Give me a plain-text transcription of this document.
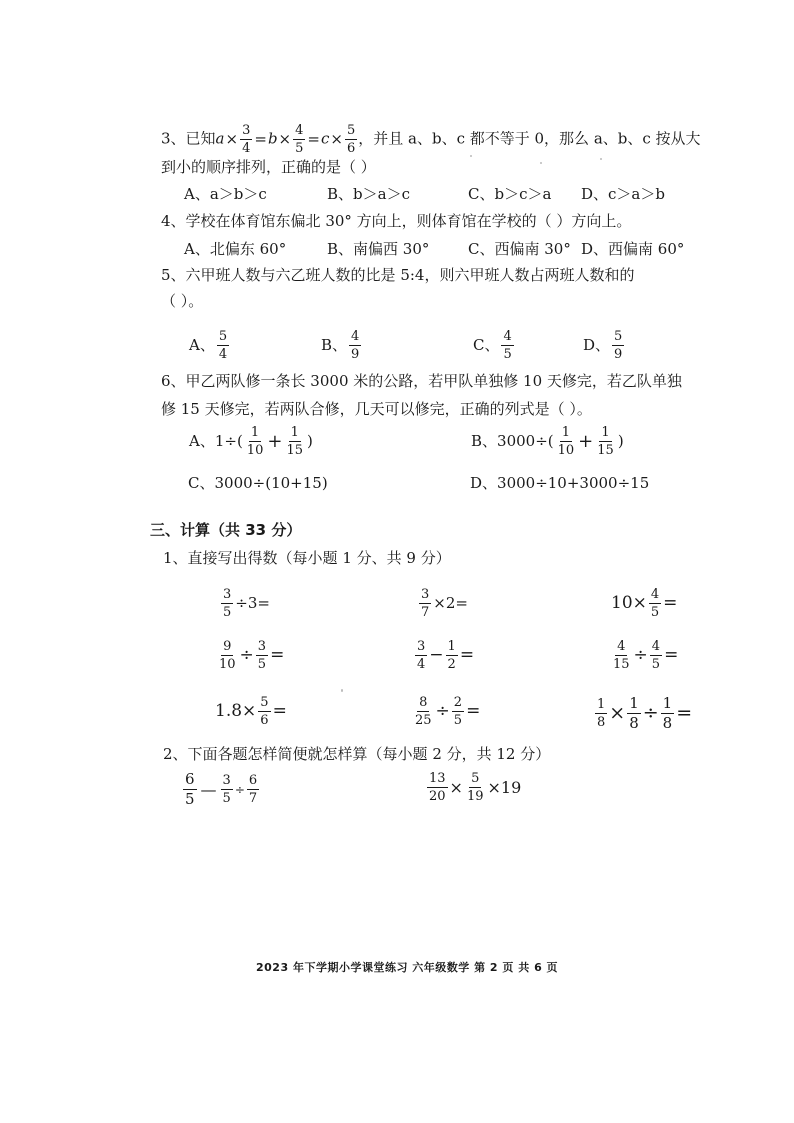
3、已知$a\times \frac{3}{4} =b\times \frac{4}{5} =c\times \frac{5}{6}$ ，并且 a、b、c 都不等于 0，那么 a、b、c 按从大
到小的顺序排列，正确的是（ ）
A、a＞b＞c	B、b＞a＞c	C、b＞c＞a D、c＞a＞b
4、学校在体育馆东偏北 30° 方向上，则体育馆在学校的（ ）方向上。
A、北偏东 60°	B、南偏西 30°	C、西偏南 30° D、西偏南 60°
5、六甲班人数与六乙班人数的比是 5:4，则六甲班人数占两班人数和的
（ ）。
A、 $\frac{5}{4}$	B、 $\frac{4}{9}$	C、 $\frac{4}{5}$	D、 $\frac{5}{9}$
6、甲乙两队修一条长 3000 米的公路，若甲队单独修 10 天修完，若乙队单独
修 15 天修完，若两队合修，几天可以修完，正确的列式是（ ）。
A、$1\div( \frac{1}{10} + \frac{1}{15}$ )	B、$3000\div( \frac{1}{10} + \frac{1}{15}$ )
C、3000÷(10+15)	D、3000÷10+3000÷15
三、计算（共 33 分）
1、直接写出得数（每小题 1 分、共 9 分）
$\frac{3}{5} \div 3=$	$\frac{3}{7} \times 2=$	$10\times \frac{4}{5}$ =
$\frac{9}{10} \div \frac{3}{5}$ =	$\frac{3}{4} - \frac{1}{2}$ =	$\frac{4}{15} \div \frac{4}{5}$ =
$1.8\times \frac{5}{6}$ =	$\frac{8}{25} \div \frac{2}{5}$ =	$\frac{1}{8} \times \frac{1}{8} \div \frac{1}{8}$ =
2、下面各题怎样简便就怎样算（每小题 2 分，共 12 分）
$\frac{6}{5}$ — $\frac{3}{5} \div \frac{6}{7}$	$\frac{13}{20} \times \frac{5}{19} \times 19$
2023 年下学期小学课堂练习 六年级数学 第 2 页 共 6 页
